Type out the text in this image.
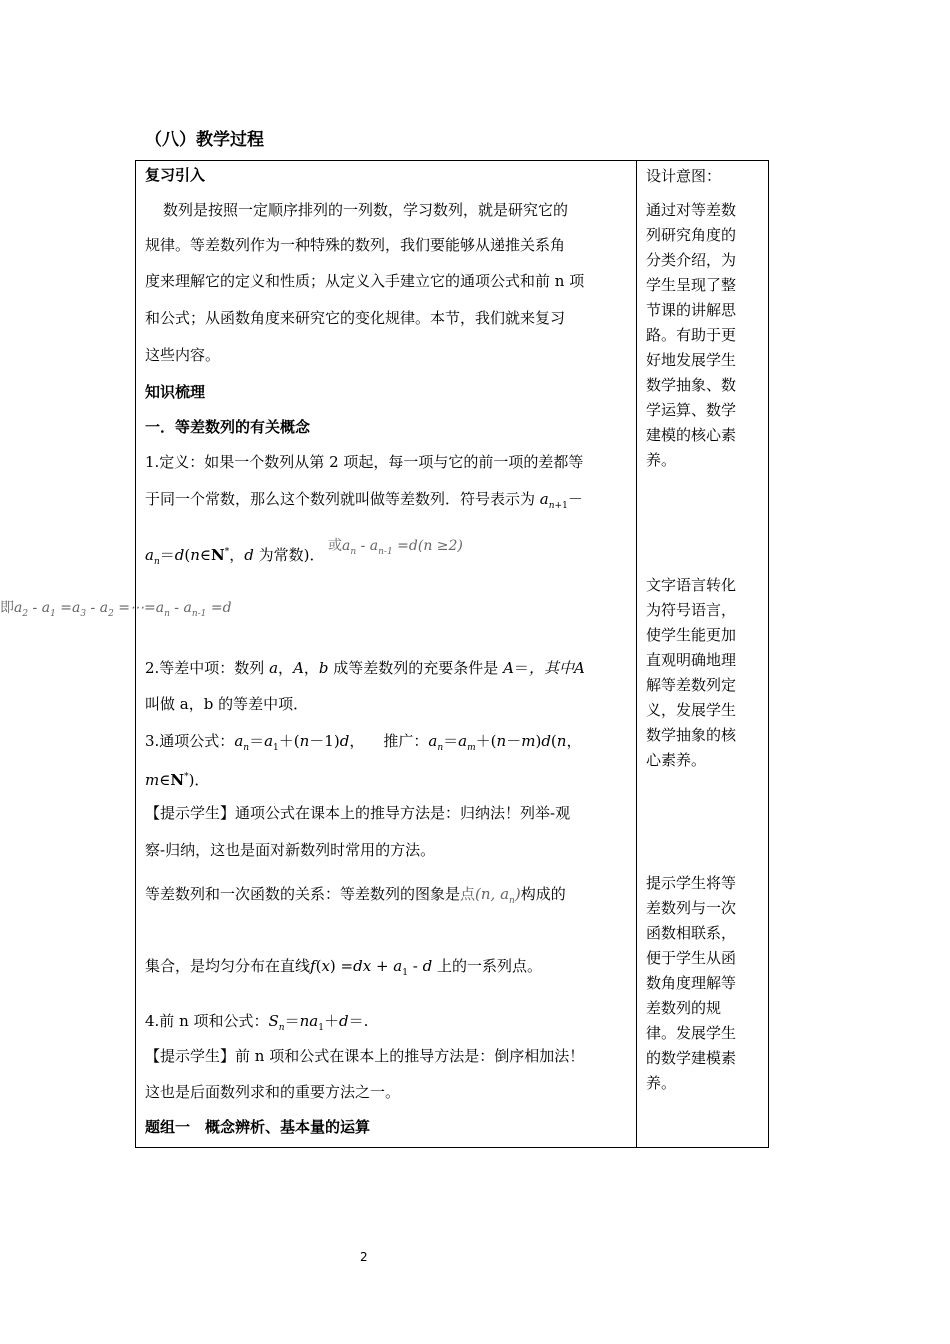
（八）教学过程
复习引入
数列是按照一定顺序排列的一列数，学习数列，就是研究它的
规律。等差数列作为一种特殊的数列，我们要能够从递推关系角
度来理解它的定义和性质；从定义入手建立它的通项公式和前 n 项
和公式；从函数角度来研究它的变化规律。本节，我们就来复习
这些内容。
知识梳理
一．等差数列的有关概念
1.定义：如果一个数列从第 2 项起，每一项与它的前一项的差都等
于同一个常数，那么这个数列就叫做等差数列．符号表示为 $a_{n+1}-$
$a_n=d(n\in N^*$，d 为常数)． 或$a_n - a_{n-1} =d(n \ge 2)$
即$a_2 - a_1 =a_3 - a_2$ $=\cdots=a_n - a_{n-1} =d$
2.等差中项：数列 a，A，b 成等差数列的充要条件是 A＝，其中A
叫做 a，b 的等差中项．
3.通项公式：$a_n=a_1+(n-1)d$，    推广：$a_n=a_m+(n-m)d(n$，
m∈N*)．
【提示学生】通项公式在课本上的推导方法是：归纳法！列举-观
察-归纳，这也是面对新数列时常用的方法。
等差数列和一次函数的关系：等差数列的图象是点(n, $a_n$)构成的
集合，是均匀分布在直线$f(x) =dx + a_1 - d$ 上的一系列点。
4.前 n 项和公式：$S_n=na_1+d=$.
【提示学生】前 n 项和公式在课本上的推导方法是：倒序相加法！
这也是后面数列求和的重要方法之一。
题组一　概念辨析、基本量的运算
设计意图：
通过对等差数
列研究角度的
分类介绍，为
学生呈现了整
节课的讲解思
路。有助于更
好地发展学生
数学抽象、数
学运算、数学
建模的核心素
养。
文字语言转化
为符号语言，
使学生能更加
直观明确地理
解等差数列定
义，发展学生
数学抽象的核
心素养。
提示学生将等
差数列与一次
函数相联系，
便于学生从函
数角度理解等
差数列的规
律。发展学生
的数学建模素
养。
2
